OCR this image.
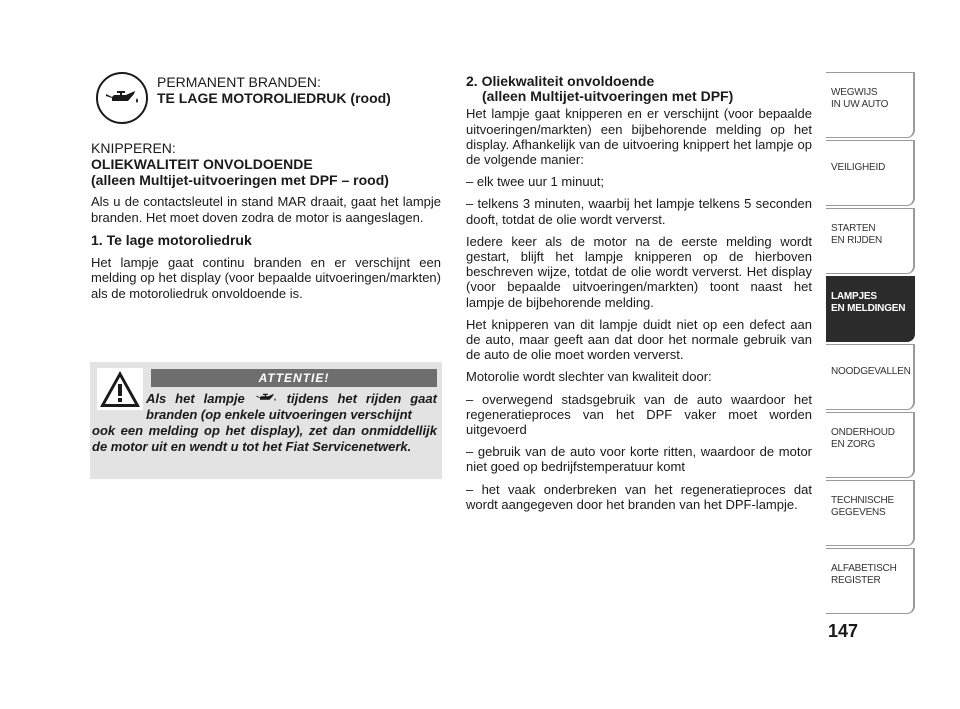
PERMANENT BRANDEN:
TE LAGE MOTOROLIEDRUK (rood)

KNIPPEREN:

OLIEKWALITEIT ONVOLDOENDE

(alleen Multijet-uitvoeringen met DPF – rood)

Als u de contactsleutel in stand MAR draait, gaat het lampje branden. Het moet doven zodra de motor is aangeslagen.

1. Te lage motoroliedruk

Het lampje gaat continu branden en er verschijnt een melding op het display (voor bepaalde uitvoeringen/markten) als de motoroliedruk onvoldoende is.

ATTENTIE!
Als het lampje	tijdens het rijden gaat branden (op enkele uitvoeringen verschijnt
ook een melding op het display), zet dan onmiddellijk de motor uit en wendt u tot het Fiat Servicenetwerk.

2. Oliekwaliteit onvoldoende

(alleen Multijet-uitvoeringen met DPF)

Het lampje gaat knipperen en er verschijnt (voor bepaalde uitvoeringen/markten) een bijbehorende melding op het display. Afhankelijk van de uitvoering knippert het lampje op de volgende manier:

– elk twee uur 1 minuut;

– telkens 3 minuten, waarbij het lampje telkens 5 seconden dooft, totdat de olie wordt ververst.

Iedere keer als de motor na de eerste melding wordt gestart, blijft het lampje knipperen op de hierboven beschreven wijze, totdat de olie wordt ververst. Het display (voor bepaalde uitvoeringen/markten) toont naast het lampje de bijbehorende melding.

Het knipperen van dit lampje duidt niet op een defect aan de auto, maar geeft aan dat door het normale gebruik van de auto de olie moet worden ververst.

Motorolie wordt slechter van kwaliteit door:

– overwegend stadsgebruik van de auto waardoor het regeneratieproces van het DPF vaker moet worden uitgevoerd

– gebruik van de auto voor korte ritten, waardoor de motor niet goed op bedrijfstemperatuur komt

– het vaak onderbreken van het regeneratieproces dat wordt aangegeven door het branden van het DPF-lampje.

WEGWIJS
IN UW AUTO
VEILIGHEID
STARTEN
EN RIJDEN
LAMPJES
EN MELDINGEN
NOODGEVALLEN
ONDERHOUD
EN ZORG
TECHNISCHE
GEGEVENS
ALFABETISCH
REGISTER
147
